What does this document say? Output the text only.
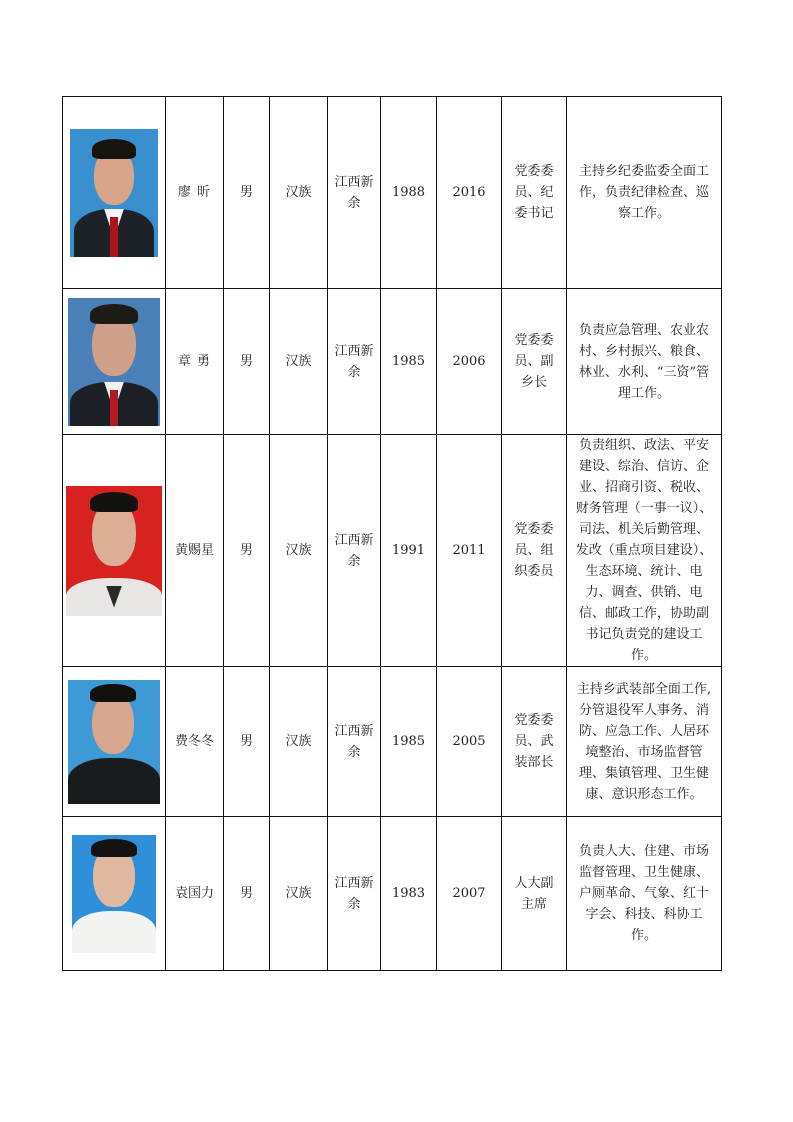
	廖 昕	男	汉族	江西新余	1988	2016	党委委员、纪委书记	主持乡纪委监委全面工作，负责纪律检查、巡察工作。

	章 勇	男	汉族	江西新余	1985	2006	党委委员、副乡长	负责应急管理、农业农村、乡村振兴、粮食、林业、水利、“三资”管理工作。

	黄赐星	男	汉族	江西新余	1991	2011	党委委员、组织委员	负责组织、政法、平安建设、综治、信访、企业、招商引资、税收、财务管理（一事一议）、司法、机关后勤管理、发改（重点项目建设）、生态环境、统计、电力、调查、供销、电信、邮政工作，协助副书记负责党的建设工作。

	费冬冬	男	汉族	江西新余	1985	2005	党委委员、武装部长	主持乡武装部全面工作,分管退役军人事务、消防、应急工作、人居环境整治、市场监督管理、集镇管理、卫生健康、意识形态工作。

	袁国力	男	汉族	江西新余	1983	2007	人大副主席	负责人大、住建、市场监督管理、卫生健康、户厕革命、气象、红十字会、科技、科协工作。
